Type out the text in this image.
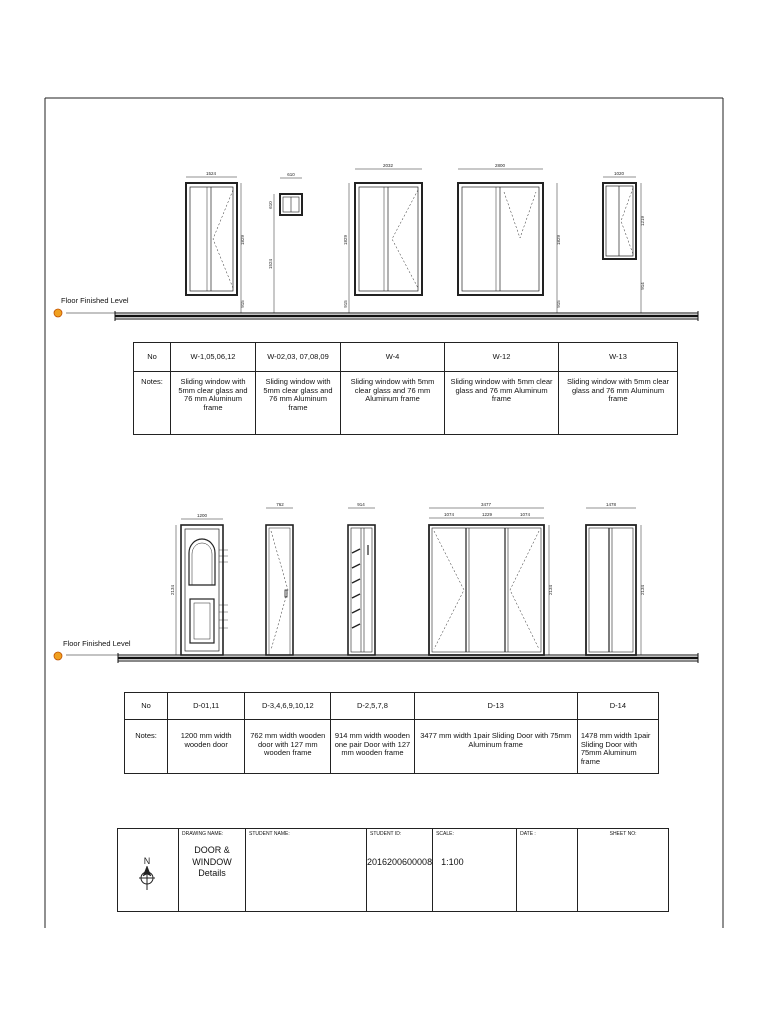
1524
1829
915
610
610
1524
2032
1829
915
2800
1829
915
1020
1219
914
1200
2134
762	914	3477
1074	1229	1074
2134
1478
2134
N
Floor Finished Level
Floor Finished Level
No	W-1,05,06,12	W-02,03, 07,08,09	W-4	W-12	W-13
Notes:	Sliding window with 5mm clear glass and 76 mm Aluminum frame	Sliding window with 5mm clear glass and 76 mm Aluminum frame	Sliding window with 5mm clear glass and 76 mm Aluminum frame	Sliding window with 5mm clear glass and 76 mm Aluminum frame	Sliding window with 5mm clear glass and 76 mm Aluminum frame
No	D-01,11	D-3,4,6,9,10,12	D-2,5,7,8	D-13	D-14
Notes:	1200 mm width wooden door	762 mm width wooden door with 127 mm wooden frame	914 mm width wooden one pair Door with 127 mm wooden frame	3477 mm width 1pair Sliding Door with 75mm Aluminum frame	1478 mm width 1pair Sliding Door with 75mm Aluminum frame

DRAWING NAME:
DOOR & WINDOW
Details

STUDENT NAME:	STUDENT ID:
2016200600008

SCALE:
1:100

DATE :	SHEET NO:
